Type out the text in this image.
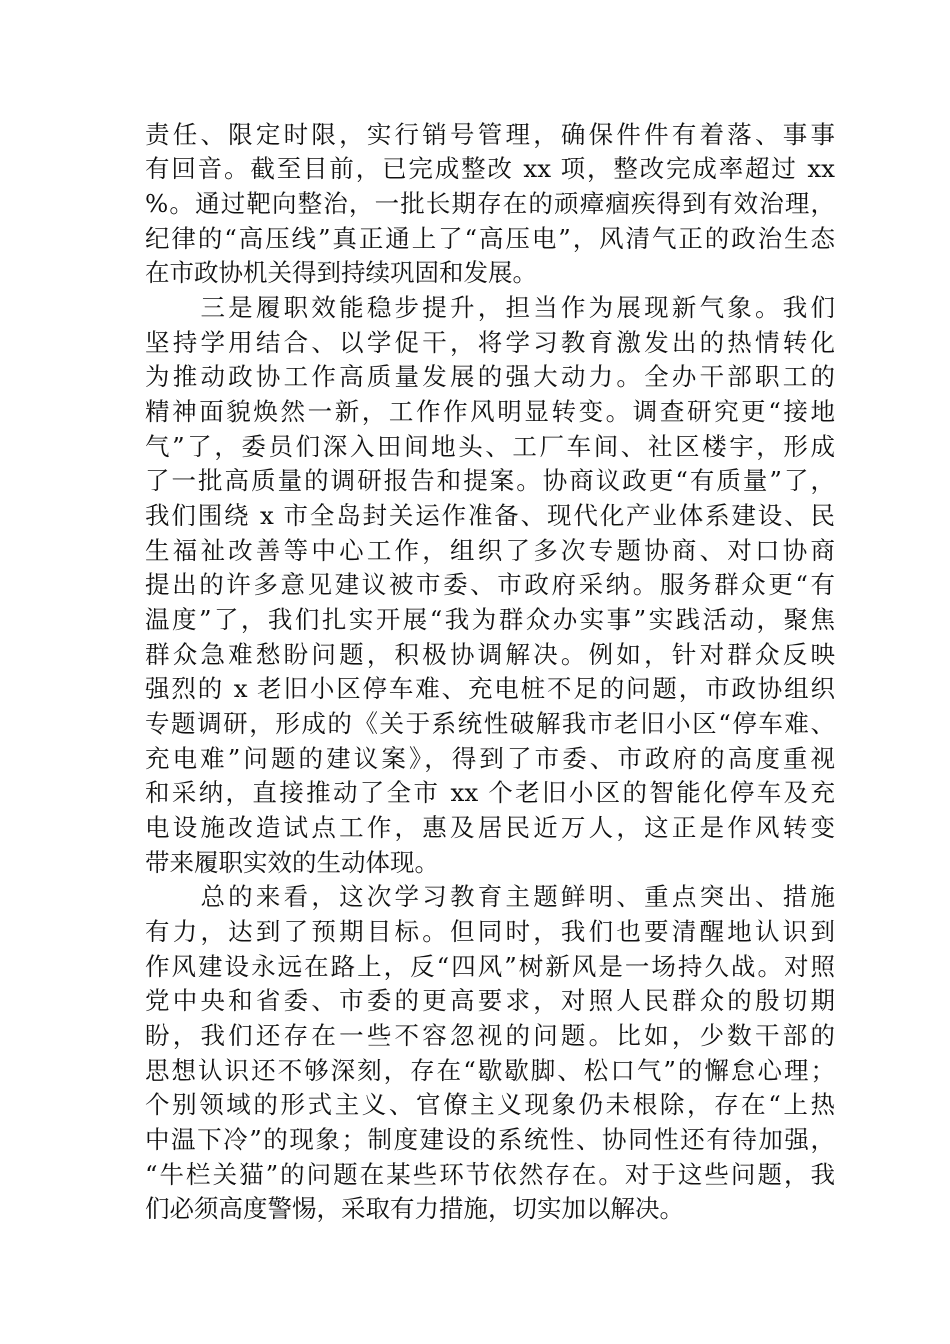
责任、限定时限，实行销号管理，确保件件有着落、事事
有回音。截至目前，已完成整改 xx 项，整改完成率超过 xx
%。通过靶向整治，一批长期存在的顽瘴痼疾得到有效治理，
纪律的“高压线”真正通上了“高压电”，风清气正的政治生态
在市政协机关得到持续巩固和发展。
　　三是履职效能稳步提升，担当作为展现新气象。我们
坚持学用结合、以学促干，将学习教育激发出的热情转化
为推动政协工作高质量发展的强大动力。全办干部职工的
精神面貌焕然一新，工作作风明显转变。调查研究更“接地
气”了，委员们深入田间地头、工厂车间、社区楼宇，形成
了一批高质量的调研报告和提案。协商议政更“有质量”了，
我们围绕 x 市全岛封关运作准备、现代化产业体系建设、民
生福祉改善等中心工作，组织了多次专题协商、对口协商
提出的许多意见建议被市委、市政府采纳。服务群众更“有
温度”了，我们扎实开展“我为群众办实事”实践活动，聚焦
群众急难愁盼问题，积极协调解决。例如，针对群众反映
强烈的 x 老旧小区停车难、充电桩不足的问题，市政协组织
专题调研，形成的《关于系统性破解我市老旧小区“停车难、
充电难”问题的建议案》，得到了市委、市政府的高度重视
和采纳，直接推动了全市 xx 个老旧小区的智能化停车及充
电设施改造试点工作，惠及居民近万人，这正是作风转变
带来履职实效的生动体现。
　　总的来看，这次学习教育主题鲜明、重点突出、措施
有力，达到了预期目标。但同时，我们也要清醒地认识到
作风建设永远在路上，反“四风”树新风是一场持久战。对照
党中央和省委、市委的更高要求，对照人民群众的殷切期
盼，我们还存在一些不容忽视的问题。比如，少数干部的
思想认识还不够深刻，存在“歇歇脚、松口气”的懈怠心理；
个别领域的形式主义、官僚主义现象仍未根除，存在“上热
中温下冷”的现象；制度建设的系统性、协同性还有待加强，
“牛栏关猫”的问题在某些环节依然存在。对于这些问题，我
们必须高度警惕，采取有力措施，切实加以解决。
